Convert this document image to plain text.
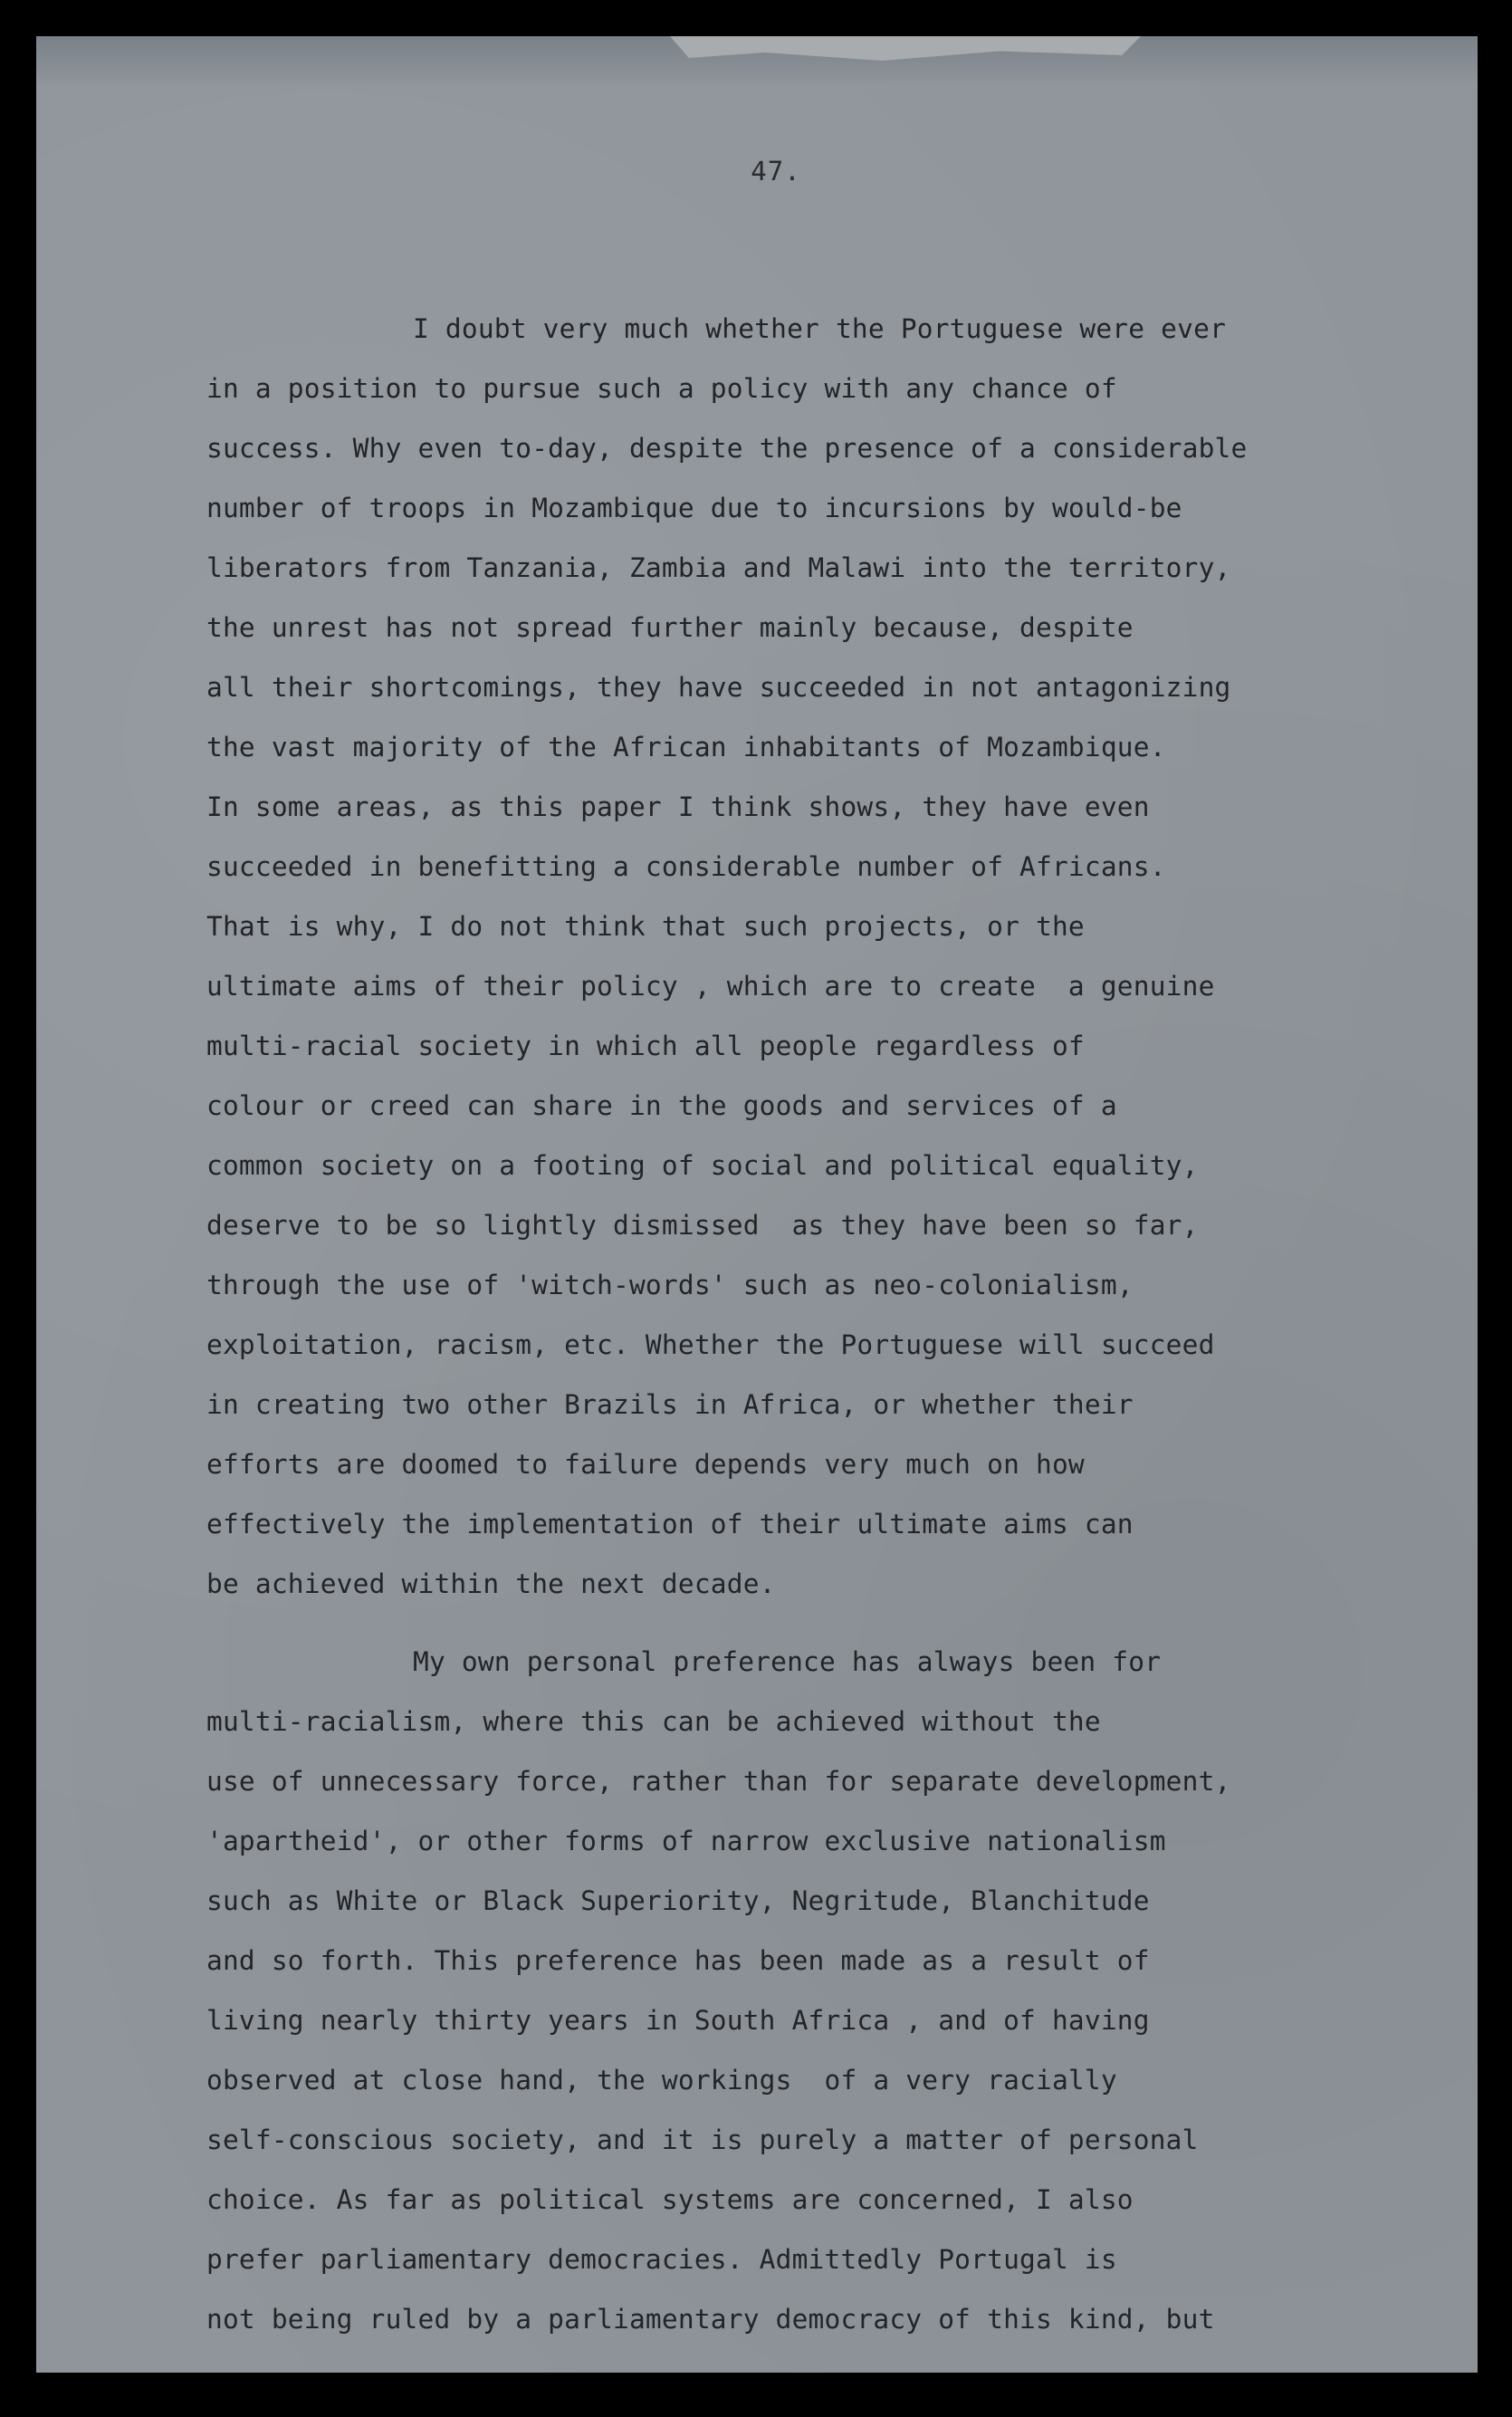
47.
I doubt very much whether the Portuguese were ever
in a position to pursue such a policy with any chance of
success. Why even to-day, despite the presence of a considerable
number of troops in Mozambique due to incursions by would-be
liberators from Tanzania, Zambia and Malawi into the territory,
the unrest has not spread further mainly because, despite
all their shortcomings, they have succeeded in not antagonizing
the vast majority of the African inhabitants of Mozambique.
In some areas, as this paper I think shows, they have even
succeeded in benefitting a considerable number of Africans.
That is why, I do not think that such projects, or the
ultimate aims of their policy , which are to create  a genuine
multi-racial society in which all people regardless of
colour or creed can share in the goods and services of a
common society on a footing of social and political equality,
deserve to be so lightly dismissed  as they have been so far,
through the use of 'witch-words' such as neo-colonialism,
exploitation, racism, etc. Whether the Portuguese will succeed
in creating two other Brazils in Africa, or whether their
efforts are doomed to failure depends very much on how
effectively the implementation of their ultimate aims can
be achieved within the next decade.
My own personal preference has always been for
multi-racialism, where this can be achieved without the
use of unnecessary force, rather than for separate development,
'apartheid', or other forms of narrow exclusive nationalism
such as White or Black Superiority, Negritude, Blanchitude
and so forth. This preference has been made as a result of
living nearly thirty years in South Africa , and of having
observed at close hand, the workings  of a very racially
self-conscious society, and it is purely a matter of personal
choice. As far as political systems are concerned, I also
prefer parliamentary democracies. Admittedly Portugal is
not being ruled by a parliamentary democracy of this kind, but
